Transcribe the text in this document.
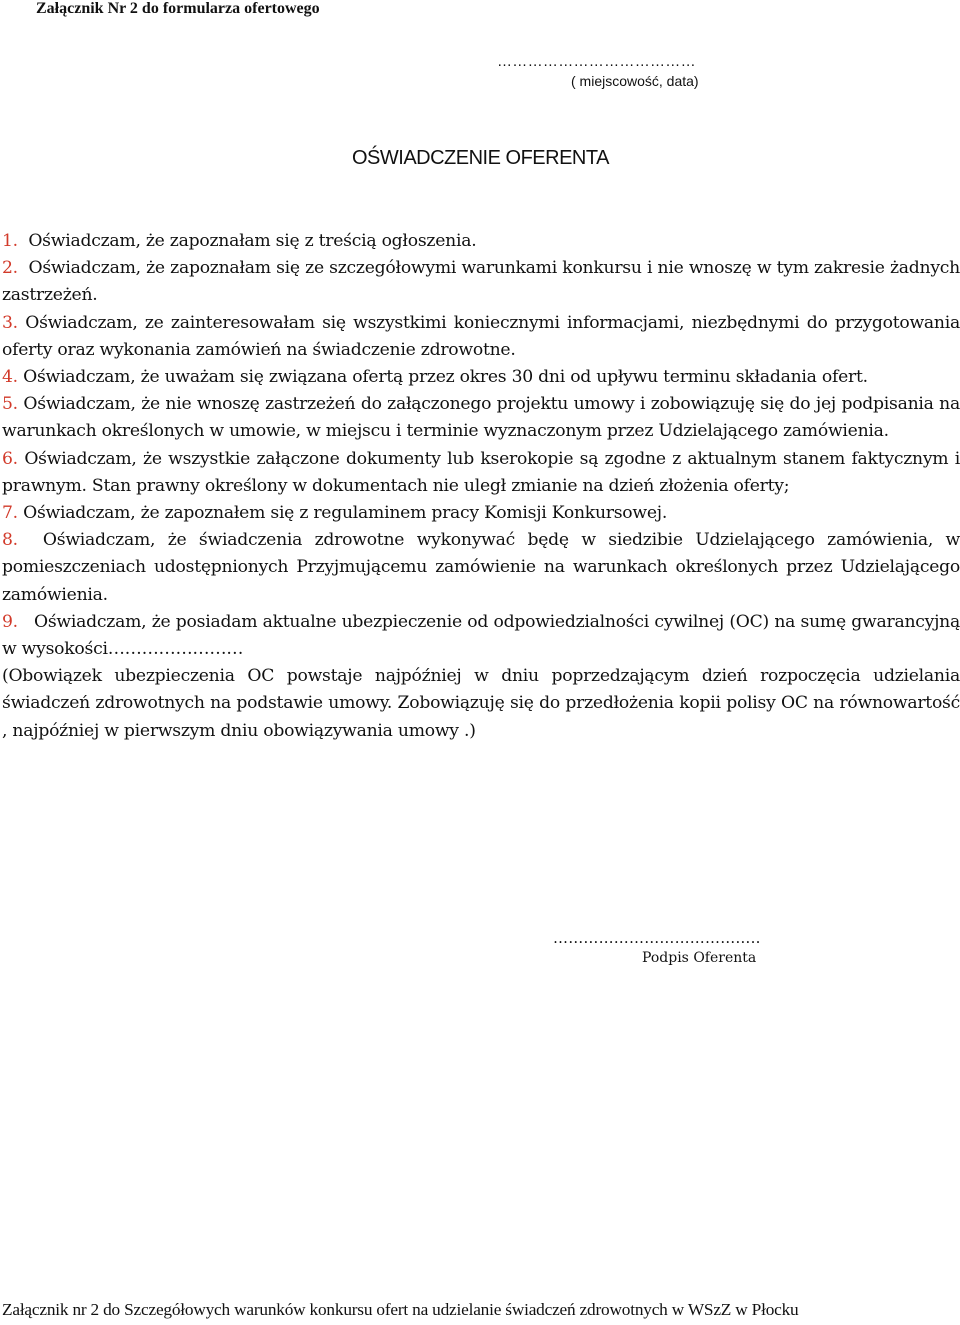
Załącznik Nr 2 do formularza ofertowego
…………………………………
( miejscowość, data)
OŚWIADCZENIE OFERENTA

1. Oświadczam, że zapoznałam się z treścią ogłoszenia.

2. Oświadczam, że zapoznałam się ze szczegółowymi warunkami konkursu i nie wnoszę w tym zakresie żadnych zastrzeżeń.

3. Oświadczam, ze zainteresowałam się wszystkimi koniecznymi informacjami, niezbędnymi do przygotowania oferty oraz wykonania zamówień na świadczenie zdrowotne.

4. Oświadczam, że uważam się związana ofertą przez okres 30 dni od upływu terminu składania ofert.

5. Oświadczam, że nie wnoszę zastrzeżeń do załączonego projektu umowy i zobowiązuję się do jej podpisania na warunkach określonych w umowie, w miejscu i terminie wyznaczonym przez Udzielającego zamówienia.

6. Oświadczam, że wszystkie załączone dokumenty lub kserokopie są zgodne z aktualnym stanem faktycznym i prawnym. Stan prawny określony w dokumentach nie uległ zmianie na dzień złożenia oferty;

7. Oświadczam, że zapoznałem się z regulaminem pracy Komisji Konkursowej.

8. Oświadczam, że świadczenia zdrowotne wykonywać będę w siedzibie Udzielającego zamówienia, w pomieszczeniach udostępnionych Przyjmującemu zamówienie na warunkach określonych przez Udzielającego zamówienia.

9. Oświadczam, że posiadam aktualne ubezpieczenie od odpowiedzialności cywilnej (OC) na sumę gwarancyjną w wysokości……………………

(Obowiązek ubezpieczenia OC powstaje najpóźniej w dniu poprzedzającym dzień rozpoczęcia udzielania świadczeń zdrowotnych na podstawie umowy. Zobowiązuję się do przedłożenia kopii polisy OC na równowartość , najpóźniej w pierwszym dniu obowiązywania umowy .)

…………………………………..
Podpis Oferenta
Załącznik nr 2 do Szczegółowych warunków konkursu ofert na udzielanie świadczeń zdrowotnych w WSzZ w Płocku
